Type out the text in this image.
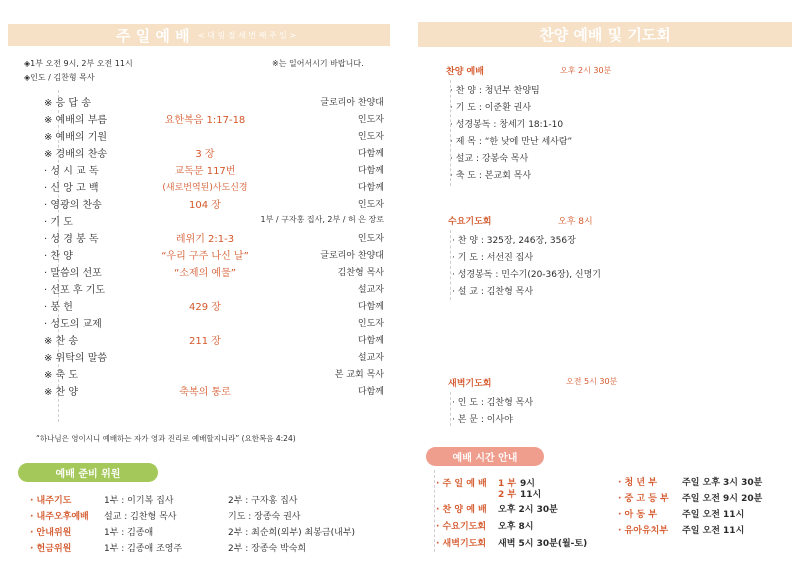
주 일 예 배 < 대 림 절 세 번 째 주 일 >
◈1부 오전 9시, 2부 오전 11시	※는 일어서시기 바랍니다.
◈인도 / 김찬형 목사
※ 응 답 송	글로리아 찬양대
※ 예배의 부름	요한복음 1:17-18	인도자
※ 예배의 기원	인도자
※ 경배의 찬송	3 장	다함께
· 성 시 교 독	교독문 117번	다함께
· 신 앙 고 백	(새로번역된)사도신경	다함께
· 영광의 찬송	104 장	인도자
· 기 도	1부 / 구자홍 집사, 2부 / 허 은 장로
· 성 경 봉 독	레위기 2:1-3	인도자
· 찬 양	“우리 구주 나신 날”	글로리아 찬양대
· 말씀의 선포	“소제의 예물”	김찬형 목사
· 선포 후 기도	설교자
· 봉 헌	429 장	다함께
· 성도의 교제	인도자
※ 찬 송	211 장	다함께
※ 위탁의 말씀	설교자
※ 축 도	본 교회 목사
※ 찬 양	축복의 통로	다함께
“하나님은 영이시니 예배하는 자가 영과 진리로 예배할지니라” (요한복음 4:24)
예배 준비 위원
· 내주기도	1부 : 이기복 집사	2부 : 구자홍 집사
· 내주오후예배 설교 : 김찬형 목사	기도 : 장종숙 권사
· 안내위원	1부 : 김종애	2부 : 최순희(외부) 최봉금(내부)
· 헌금위원	1부 : 김종애 조영주	2부 : 장종숙 박숙희
찬양 예배 및 기도회
찬양 예배	오후 2시 30분
· 찬 양 : 청년부 찬양팀
· 기 도 : 이준환 권사
· 성경봉독 : 창세기 18:1-10
· 제 목 : “한 낮에 만난 세사람”
· 설교 : 강봉숙 목사
· 축 도 : 본교회 목사
수요기도회	오후 8시
· 찬 양 : 325장, 246장, 356장
· 기 도 : 서선진 집사
· 성경봉독 : 민수기(20-36장), 신명기
· 설 교 : 김찬형 목사
새벽기도회	오전 5시 30분
· 인 도 : 김찬형 목사
· 본 문 : 이사야
예배 시간 안내
· 주 일 예 배 1 부 9시
2 부 11시
· 찬 양 예 배 오후 2시 30분
· 수요기도회 오후 8시
· 새벽기도회 새벽 5시 30분(월-토)
· 청 년 부	주일 오후 3시 30분
· 중 고 등 부 주일 오전 9시 20분
· 아 동 부	주일 오전 11시
· 유아유치부 주일 오전 11시
